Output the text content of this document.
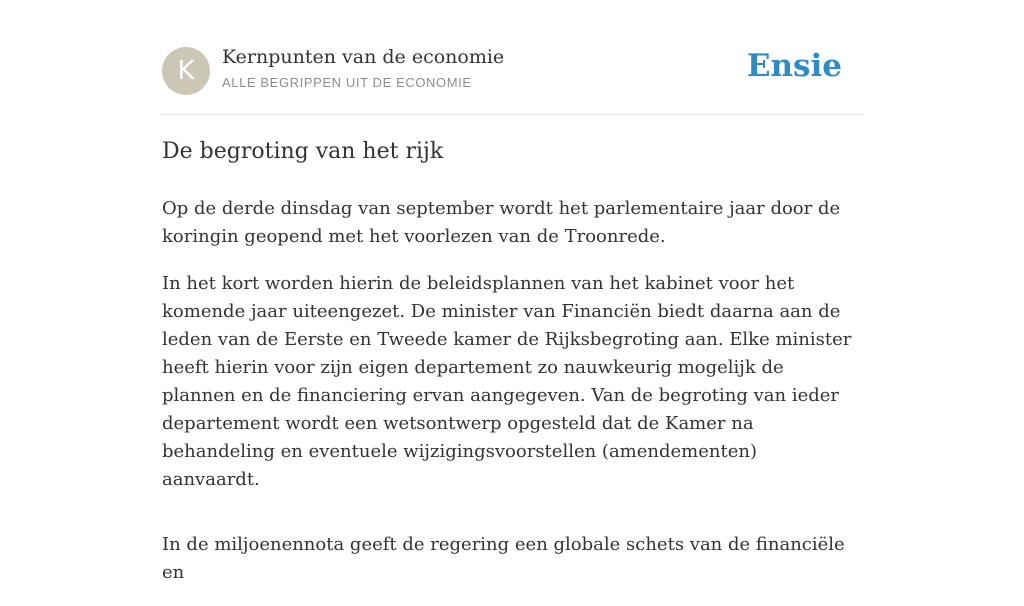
K	Kernpunten van de economie
ALLE BEGRIPPEN UIT DE ECONOMIE	Ensie
De begroting van het rijk

Op de derde dinsdag van september wordt het parlementaire jaar door de koringin geopend met het voorlezen van de Troonrede.

In het kort worden hierin de beleidsplannen van het kabinet voor het komende jaar uiteengezet. De minister van Financiën biedt daarna aan de leden van de Eerste en Tweede kamer de Rijksbegroting aan. Elke minister heeft hierin voor zijn eigen departement zo nauwkeurig mogelijk de plannen en de financiering ervan aangegeven. Van de begroting van ieder departement wordt een wetsontwerp opgesteld dat de Kamer na behandeling en eventuele wijzigingsvoorstellen (amendementen) aanvaardt.

In de miljoenennota geeft de regering een globale schets van de financiële en
